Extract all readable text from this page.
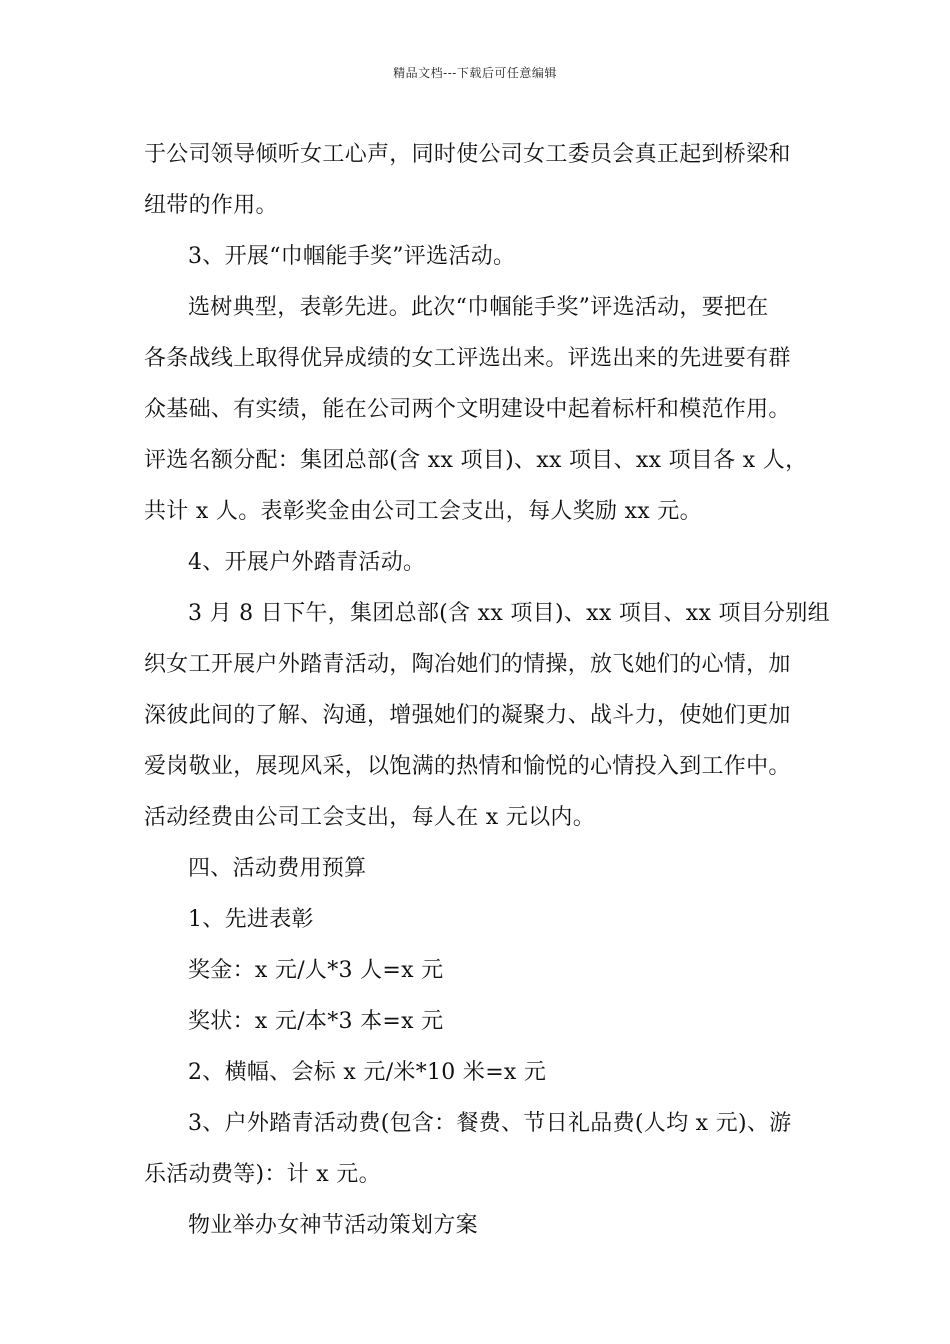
精品文档---下载后可任意编辑
于公司领导倾听女工心声，同时使公司女工委员会真正起到桥梁和
纽带的作用。
3、开展“巾帼能手奖”评选活动。
选树典型，表彰先进。此次“巾帼能手奖”评选活动，要把在
各条战线上取得优异成绩的女工评选出来。评选出来的先进要有群
众基础、有实绩，能在公司两个文明建设中起着标杆和模范作用。
评选名额分配：集团总部(含 xx 项目)、xx 项目、xx 项目各 x 人，
共计 x 人。表彰奖金由公司工会支出，每人奖励 xx 元。
4、开展户外踏青活动。
3 月 8 日下午，集团总部(含 xx 项目)、xx 项目、xx 项目分别组
织女工开展户外踏青活动，陶冶她们的情操，放飞她们的心情，加
深彼此间的了解、沟通，增强她们的凝聚力、战斗力，使她们更加
爱岗敬业，展现风采，以饱满的热情和愉悦的心情投入到工作中。
活动经费由公司工会支出，每人在 x 元以内。
四、活动费用预算
1、先进表彰
奖金：x 元/人*3 人=x 元
奖状：x 元/本*3 本=x 元
2、横幅、会标 x 元/米*10 米=x 元
3、户外踏青活动费(包含：餐费、节日礼品费(人均 x 元)、游
乐活动费等)：计 x 元。
物业举办女神节活动策划方案
